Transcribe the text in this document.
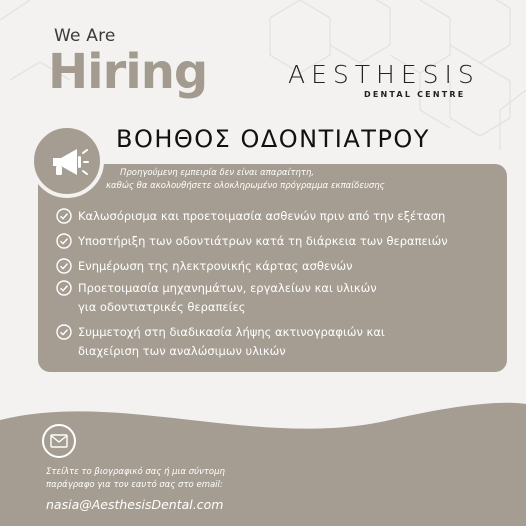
We Are
Hiring	AESTHESIS
DENTAL CENTRE
ΒΟΗΘΟΣ ΟΔΟΝΤΙΑΤΡΟΥ
Προηγούμενη εμπειρία δεν είναι απαραίτητη,
καθώς θα ακολουθήσετε ολοκληρωμένο πρόγραμμα εκπαίδευσης
Καλωσόρισμα και προετοιμασία ασθενών πριν από την εξέταση
Υποστήριξη των οδοντιάτρων κατά τη διάρκεια των θεραπειών
Ενημέρωση της ηλεκτρονικής κάρτας ασθενών
Προετοιμασία μηχανημάτων, εργαλείων και υλικών
για οδοντιατρικές θεραπείες
Συμμετοχή στη διαδικασία λήψης ακτινογραφιών και
διαχείριση των αναλώσιμων υλικών
Στείλτε το βιογραφικό σας ή μια σύντομη
παράγραφο για τον εαυτό σας στο email:
nasia@AesthesisDental.com
